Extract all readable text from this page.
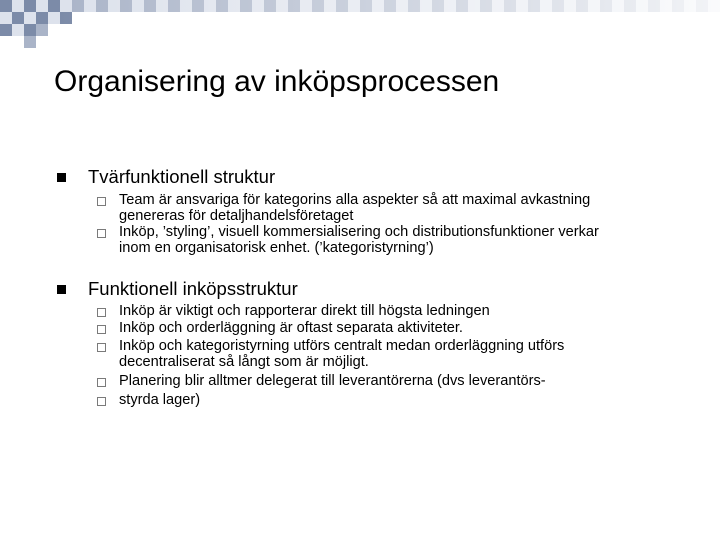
Organisering av inköpsprocessen
Tvärfunktionell struktur
Team är ansvariga för kategorins alla aspekter så att maximal avkastning
genereras för detaljhandelsföretaget
Inköp, ’styling’, visuell kommersialisering och distributionsfunktioner verkar
inom en organisatorisk enhet. (’kategoristyrning’)
Funktionell inköpsstruktur
Inköp är viktigt och rapporterar direkt till högsta ledningen
Inköp och orderläggning är oftast separata aktiviteter.
Inköp och kategoristyrning utförs centralt medan orderläggning utförs
decentraliserat så långt som är möjligt.
Planering blir alltmer delegerat till leverantörerna (dvs leverantörs-
styrda lager)
